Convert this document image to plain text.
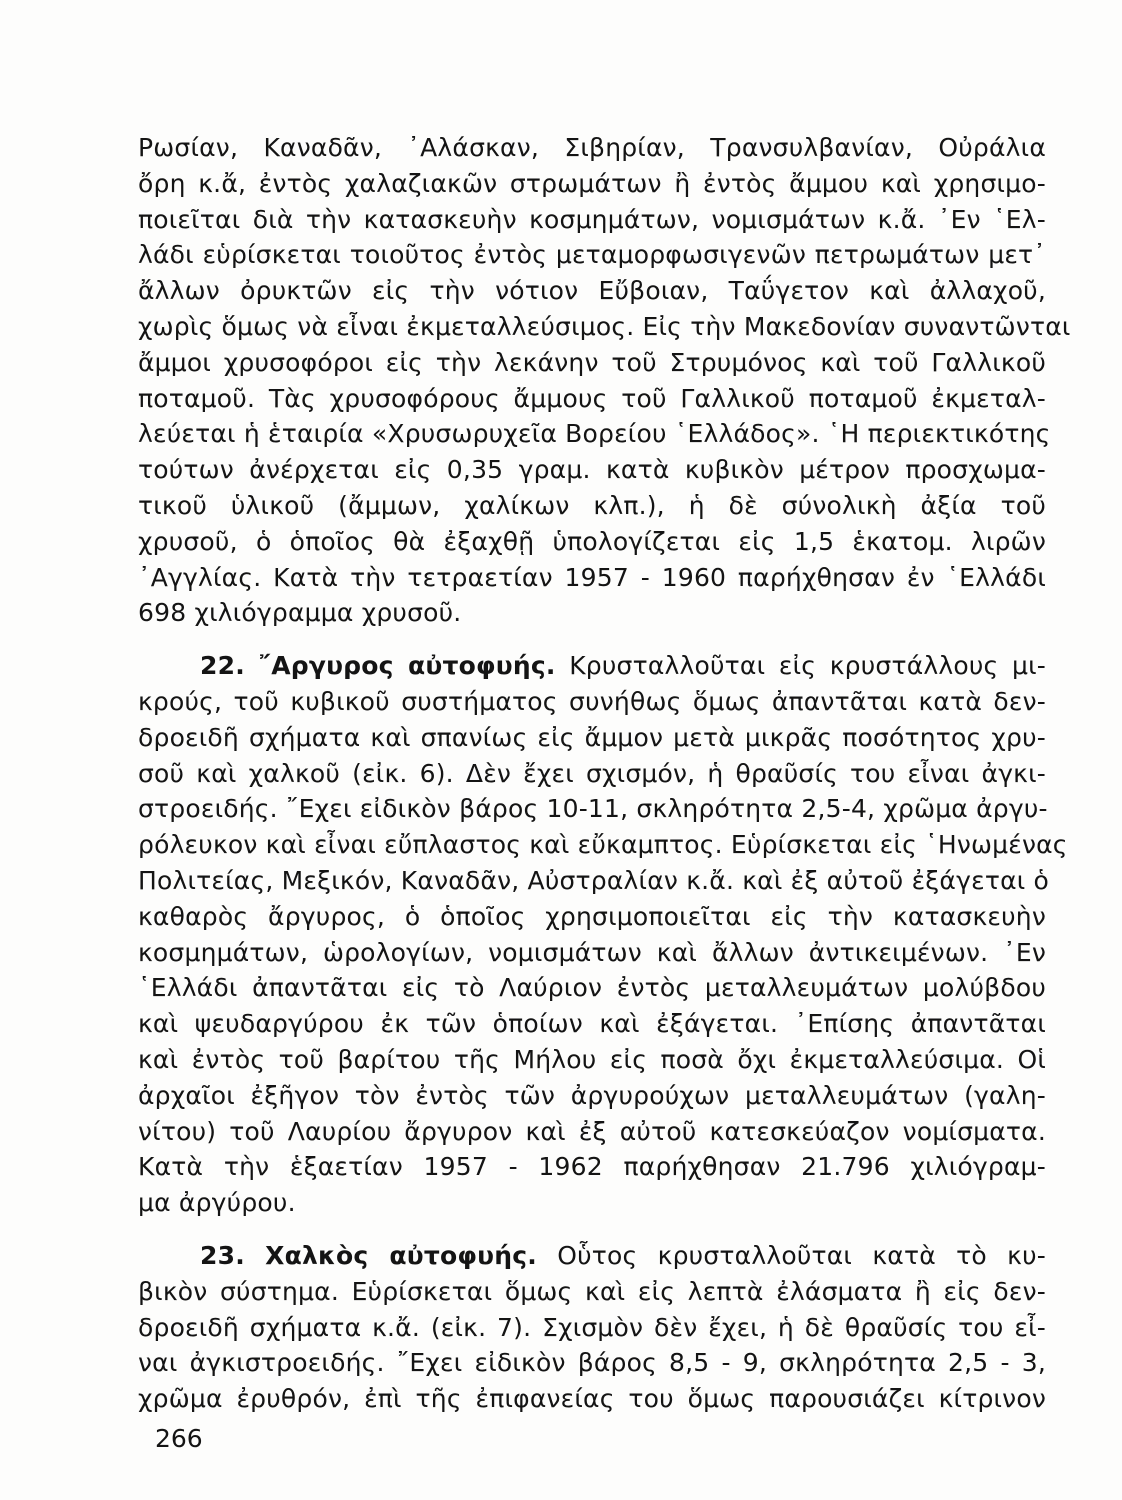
Ρωσίαν, Καναδᾶν, ᾿Αλάσκαν, Σιβηρίαν, Τρανσυλβανίαν, Οὐράλια
ὄρη κ.ἄ, ἐντὸς χαλαζιακῶν στρωμάτων ἢ ἐντὸς ἄμμου καὶ χρησιμο-
ποιεῖται διὰ τὴν κατασκευὴν κοσμημάτων, νομισμάτων κ.ἄ. ᾿Εν ῾Ελ-
λάδι εὑρίσκεται τοιοῦτος ἐντὸς μεταμορφωσιγενῶν πετρωμάτων μετ᾿
ἄλλων ὀρυκτῶν εἰς τὴν νότιον Εὔβοιαν, Ταΰγετον καὶ ἀλλαχοῦ,
χωρὶς ὅμως νὰ εἶναι ἐκμεταλλεύσιμος. Εἰς τὴν Μακεδονίαν συναντῶνται
ἄμμοι χρυσοφόροι εἰς τὴν λεκάνην τοῦ Στρυμόνος καὶ τοῦ Γαλλικοῦ
ποταμοῦ. Τὰς χρυσοφόρους ἄμμους τοῦ Γαλλικοῦ ποταμοῦ ἐκμεταλ-
λεύεται ἡ ἑταιρία «Χρυσωρυχεῖα Βορείου ῾Ελλάδος». ῾Η περιεκτικότης
τούτων ἀνέρχεται εἰς 0,35 γραμ. κατὰ κυβικὸν μέτρον προσχωμα-
τικοῦ ὑλικοῦ (ἄμμων, χαλίκων κλπ.), ἡ δὲ σύνολικὴ ἀξία τοῦ
χρυσοῦ, ὁ ὁποῖος θὰ ἐξαχθῇ ὑπολογίζεται εἰς 1,5 ἑκατομ. λιρῶν
᾿Αγγλίας. Κατὰ τὴν τετραετίαν 1957 - 1960 παρήχθησαν ἐν ῾Ελλάδι
698 χιλιόγραμμα χρυσοῦ.
22. ῎Αργυρος αὐτοφυής. Κρυσταλλοῦται εἰς κρυστάλλους μι-
κρούς, τοῦ κυβικοῦ συστήματος συνήθως ὅμως ἀπαντᾶται κατὰ δεν-
δροειδῆ σχήματα καὶ σπανίως εἰς ἄμμον μετὰ μικρᾶς ποσότητος χρυ-
σοῦ καὶ χαλκοῦ (εἰκ. 6). Δὲν ἔχει σχισμόν, ἡ θραῦσίς του εἶναι ἀγκι-
στροειδής. ῎Εχει εἰδικὸν βάρος 10-11, σκληρότητα 2,5-4, χρῶμα ἀργυ-
ρόλευκον καὶ εἶναι εὔπλαστος καὶ εὔκαμπτος. Εὑρίσκεται εἰς ῾Ηνωμένας
Πολιτείας, Μεξικόν, Καναδᾶν, Αὐστραλίαν κ.ἄ. καὶ ἐξ αὐτοῦ ἐξάγεται ὁ
καθαρὸς ἄργυρος, ὁ ὁποῖος χρησιμοποιεῖται εἰς τὴν κατασκευὴν
κοσμημάτων, ὡρολογίων, νομισμάτων καὶ ἄλλων ἀντικειμένων. ᾿Εν
῾Ελλάδι ἀπαντᾶται εἰς τὸ Λαύριον ἐντὸς μεταλλευμάτων μολύβδου
καὶ ψευδαργύρου ἐκ τῶν ὁποίων καὶ ἐξάγεται. ᾿Επίσης ἀπαντᾶται
καὶ ἐντὸς τοῦ βαρίτου τῆς Μήλου εἰς ποσὰ ὄχι ἐκμεταλλεύσιμα. Οἱ
ἀρχαῖοι ἐξῆγον τὸν ἐντὸς τῶν ἀργυρούχων μεταλλευμάτων (γαλη-
νίτου) τοῦ Λαυρίου ἄργυρον καὶ ἐξ αὐτοῦ κατεσκεύαζον νομίσματα.
Κατὰ τὴν ἑξαετίαν 1957 - 1962 παρήχθησαν 21.796 χιλιόγραμ-
μα ἀργύρου.
23. Χαλκὸς αὐτοφυής. Οὗτος κρυσταλλοῦται κατὰ τὸ κυ-
βικὸν σύστημα. Εὑρίσκεται ὅμως καὶ εἰς λεπτὰ ἐλάσματα ἢ εἰς δεν-
δροειδῆ σχήματα κ.ἄ. (εἰκ. 7). Σχισμὸν δὲν ἔχει, ἡ δὲ θραῦσίς του εἶ-
ναι ἀγκιστροειδής. ῎Εχει εἰδικὸν βάρος 8,5 - 9, σκληρότητα 2,5 - 3,
χρῶμα ἐρυθρόν, ἐπὶ τῆς ἐπιφανείας του ὅμως παρουσιάζει κίτρινον
266
